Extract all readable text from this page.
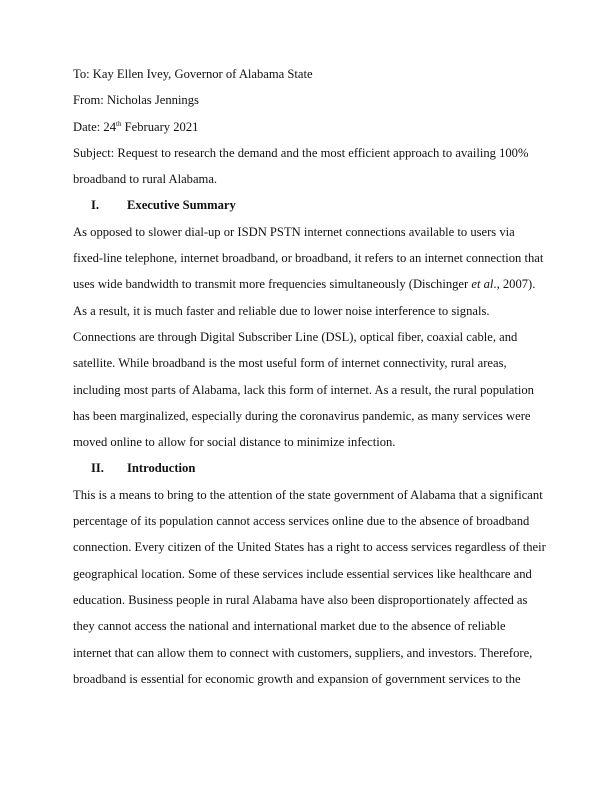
To: Kay Ellen Ivey, Governor of Alabama State
From: Nicholas Jennings
Date: 24th February 2021
Subject: Request to research the demand and the most efficient approach to availing 100%
broadband to rural Alabama.
I.	Executive Summary
As opposed to slower dial-up or ISDN PSTN internet connections available to users via
fixed-line telephone, internet broadband, or broadband, it refers to an internet connection that
uses wide bandwidth to transmit more frequencies simultaneously (Dischinger et al., 2007).
As a result, it is much faster and reliable due to lower noise interference to signals.
Connections are through Digital Subscriber Line (DSL), optical fiber, coaxial cable, and
satellite. While broadband is the most useful form of internet connectivity, rural areas,
including most parts of Alabama, lack this form of internet. As a result, the rural population
has been marginalized, especially during the coronavirus pandemic, as many services were
moved online to allow for social distance to minimize infection.
II.	Introduction
This is a means to bring to the attention of the state government of Alabama that a significant
percentage of its population cannot access services online due to the absence of broadband
connection. Every citizen of the United States has a right to access services regardless of their
geographical location. Some of these services include essential services like healthcare and
education. Business people in rural Alabama have also been disproportionately affected as
they cannot access the national and international market due to the absence of reliable
internet that can allow them to connect with customers, suppliers, and investors. Therefore,
broadband is essential for economic growth and expansion of government services to the
